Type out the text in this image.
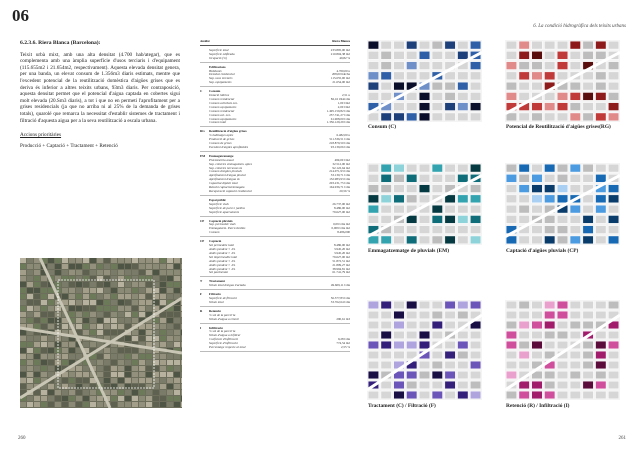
06
6. La condició hidrogràfica dels teixits urbans
6.2.3.6. Riera Blanca (Barcelona):

Teixit urbà mixt, amb una alta densitat (4.700 hab/ategar), que es complementa amb una àmplia superfície d'usos terciaris i d'equipament (115.655m2 i 21.654m2, respectivament). Aquesta elevada densitat genera, per una banda, un elevat consum de 1.356m3 diaris estimats, mentre que l'excedent potencial de la reutilització domèstica d'aigües grises que es deriva és inferior a altres teixits urbans, 93m3 diaris. Per contraposició, aquesta densitat permet que el potencial d'aigua captada en cobertes sigui molt elevada (20.Sm3 diaris), a tot i que no en permeti l'aprofitament per a grises residencials (ja que no arriba ni al 25% de la demanda de grises totals), quarolé que remarca la necessitat d'establir sistemes de tractament i filtració d'aquesta aigua per a la seva reutilització a escala urbana.

Accions prioritàries
Producció + Captació + Tractament + Retenció
Anàlisi	Riera Blanca
Superfície total	233.895,00 m2
Superfície edificada	210.804,38 m2
Ocupació (%)	49,82 %
Edificacions
Habitants	4.700,00 u
Densitat residencial	208,00 hab/ha
Sup. usos terciaris	115.655,00 m2
Sup. equipaments	21.654,00 m2
C	Consum
Dotació hídrica	2,51 u
Consum residencial	82,16 l/hab/dia
Consum activitats eco.	1,00 l/m2
Consum equipaments	2,00 l/m2
Consum residencial	1.495.159,82 l/dia
Consum act. eco.	257.741,27 l/dia
Consum equipaments	61.908,00 l/dia
Consum total	1.356.129,29 l/dia
RG	Reutilització d'aigües grises
% habitatges aptes	6.482,00 u
Producció de grises	511.336,51 l/dia
Consum de grises	218.879,50 l/dia
Excedent d'aigües aprofitables	93.139,06 l/dia
EM	Emmagatzematge
Pluviometria anual	499,00 l/m2
Sup. cobertes emmagatzem. aptes	32.512,00 m2
Sup. cobertes terrasses ús	92.122,64 m2
Consum d'aigües pluvials	214.071,93 l/dia
Aprofitament d'aigua pluvial	33.130,71 l/dia
Aprofitament d'aigua ús	132.983,93 l/dia
Capacitat dipòsit total	203.231,75 l/dia
Relació captació/emmagatz.	164.936,71 l/dia
Recuperació captació residencial	20,56 %
Espai públic
Superfície vials	26.737,00 m2
Superfície de parcs i jardins	8.486,00 m2
Superfície aparcaments	79.627,00 m2
CP	Captació pluvials
Sup. permeable vials	0,09 l/dia m2
Emmagatzem. Parcs/Jardins	0,009 l/dia m2
Consum	8.486,000
CP	Captació
Sol permeable total	8.486,00 m2
Aiulls pendent < 4%	3.945,20 m2
Aiulls pendent > 4%	3.945,20 m2
Sol impermeable total	79.627,00 m2
Aiulls pendent < 4%	51.872,51 m2
Aiulls pendent > 4%	21.809,27 m2
Aiulls pendent < 4%	38.994,81 m2
Sol pavimentat	61.741,79 m2
T	Tractament
Volum total d'aigua tractada	49.609,11 l/dia
F	Filtració
Superfície de filtració	56.377,83 l/dia
Volum total	33.762,64 l/dia
R	Retenció
% sol de la parcel·la
Volum d'aigua a retenir	290,61 m3
I	Infiltració
% sol de la parcel·la
Volum d'aigua a infiltrar
Coeficient d'infiltració	9,28 l/dia
Superfície d'infiltració	774,54 m2
Percentatge respecte al total	2,55 %
Consum (C)	Potencial de Reutilització d'aigües grises(RG)
Emmagatzematge de pluvials (EM)	Captació d'aigües pluvials (CP)
Tractament (C) / Filtració (F)	Retenció (R) / Infiltració (I)
260	261
